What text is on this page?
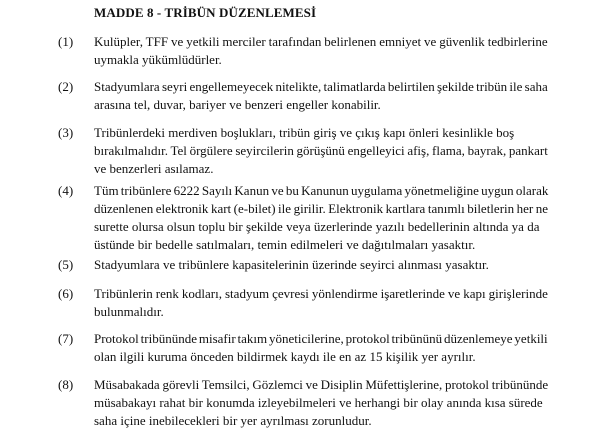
MADDE 8 - TRİBÜN DÜZENLEMESİ
(1) Kulüpler, TFF ve yetkili merciler tarafından belirlenen emniyet ve güvenlik tedbirlerine
uymakla yükümlüdürler.
(2) Stadyumlara seyri engellemeyecek nitelikte, talimatlarda belirtilen şekilde tribün ile saha
arasına tel, duvar, bariyer ve benzeri engeller konabilir.
(3) Tribünlerdeki merdiven boşlukları, tribün giriş ve çıkış kapı önleri kesinlikle boş
bırakılmalıdır. Tel örgülere seyircilerin görüşünü engelleyici afiş, flama, bayrak, pankart
ve benzerleri asılamaz.
(4) Tüm tribünlere 6222 Sayılı Kanun ve bu Kanunun uygulama yönetmeliğine uygun olarak
düzenlenen elektronik kart (e-bilet) ile girilir. Elektronik kartlara tanımlı biletlerin her ne
surette olursa olsun toplu bir şekilde veya üzerlerinde yazılı bedellerinin altında ya da
üstünde bir bedelle satılmaları, temin edilmeleri ve dağıtılmaları yasaktır.
(5) Stadyumlara ve tribünlere kapasitelerinin üzerinde seyirci alınması yasaktır.
(6) Tribünlerin renk kodları, stadyum çevresi yönlendirme işaretlerinde ve kapı girişlerinde
bulunmalıdır.
(7) Protokol tribününde misafir takım yöneticilerine, protokol tribününü düzenlemeye yetkili
olan ilgili kuruma önceden bildirmek kaydı ile en az 15 kişilik yer ayrılır.
(8) Müsabakada görevli Temsilci, Gözlemci ve Disiplin Müfettişlerine, protokol tribününde
müsabakayı rahat bir konumda izleyebilmeleri ve herhangi bir olay anında kısa sürede
saha içine inebilecekleri bir yer ayrılması zorunludur.
